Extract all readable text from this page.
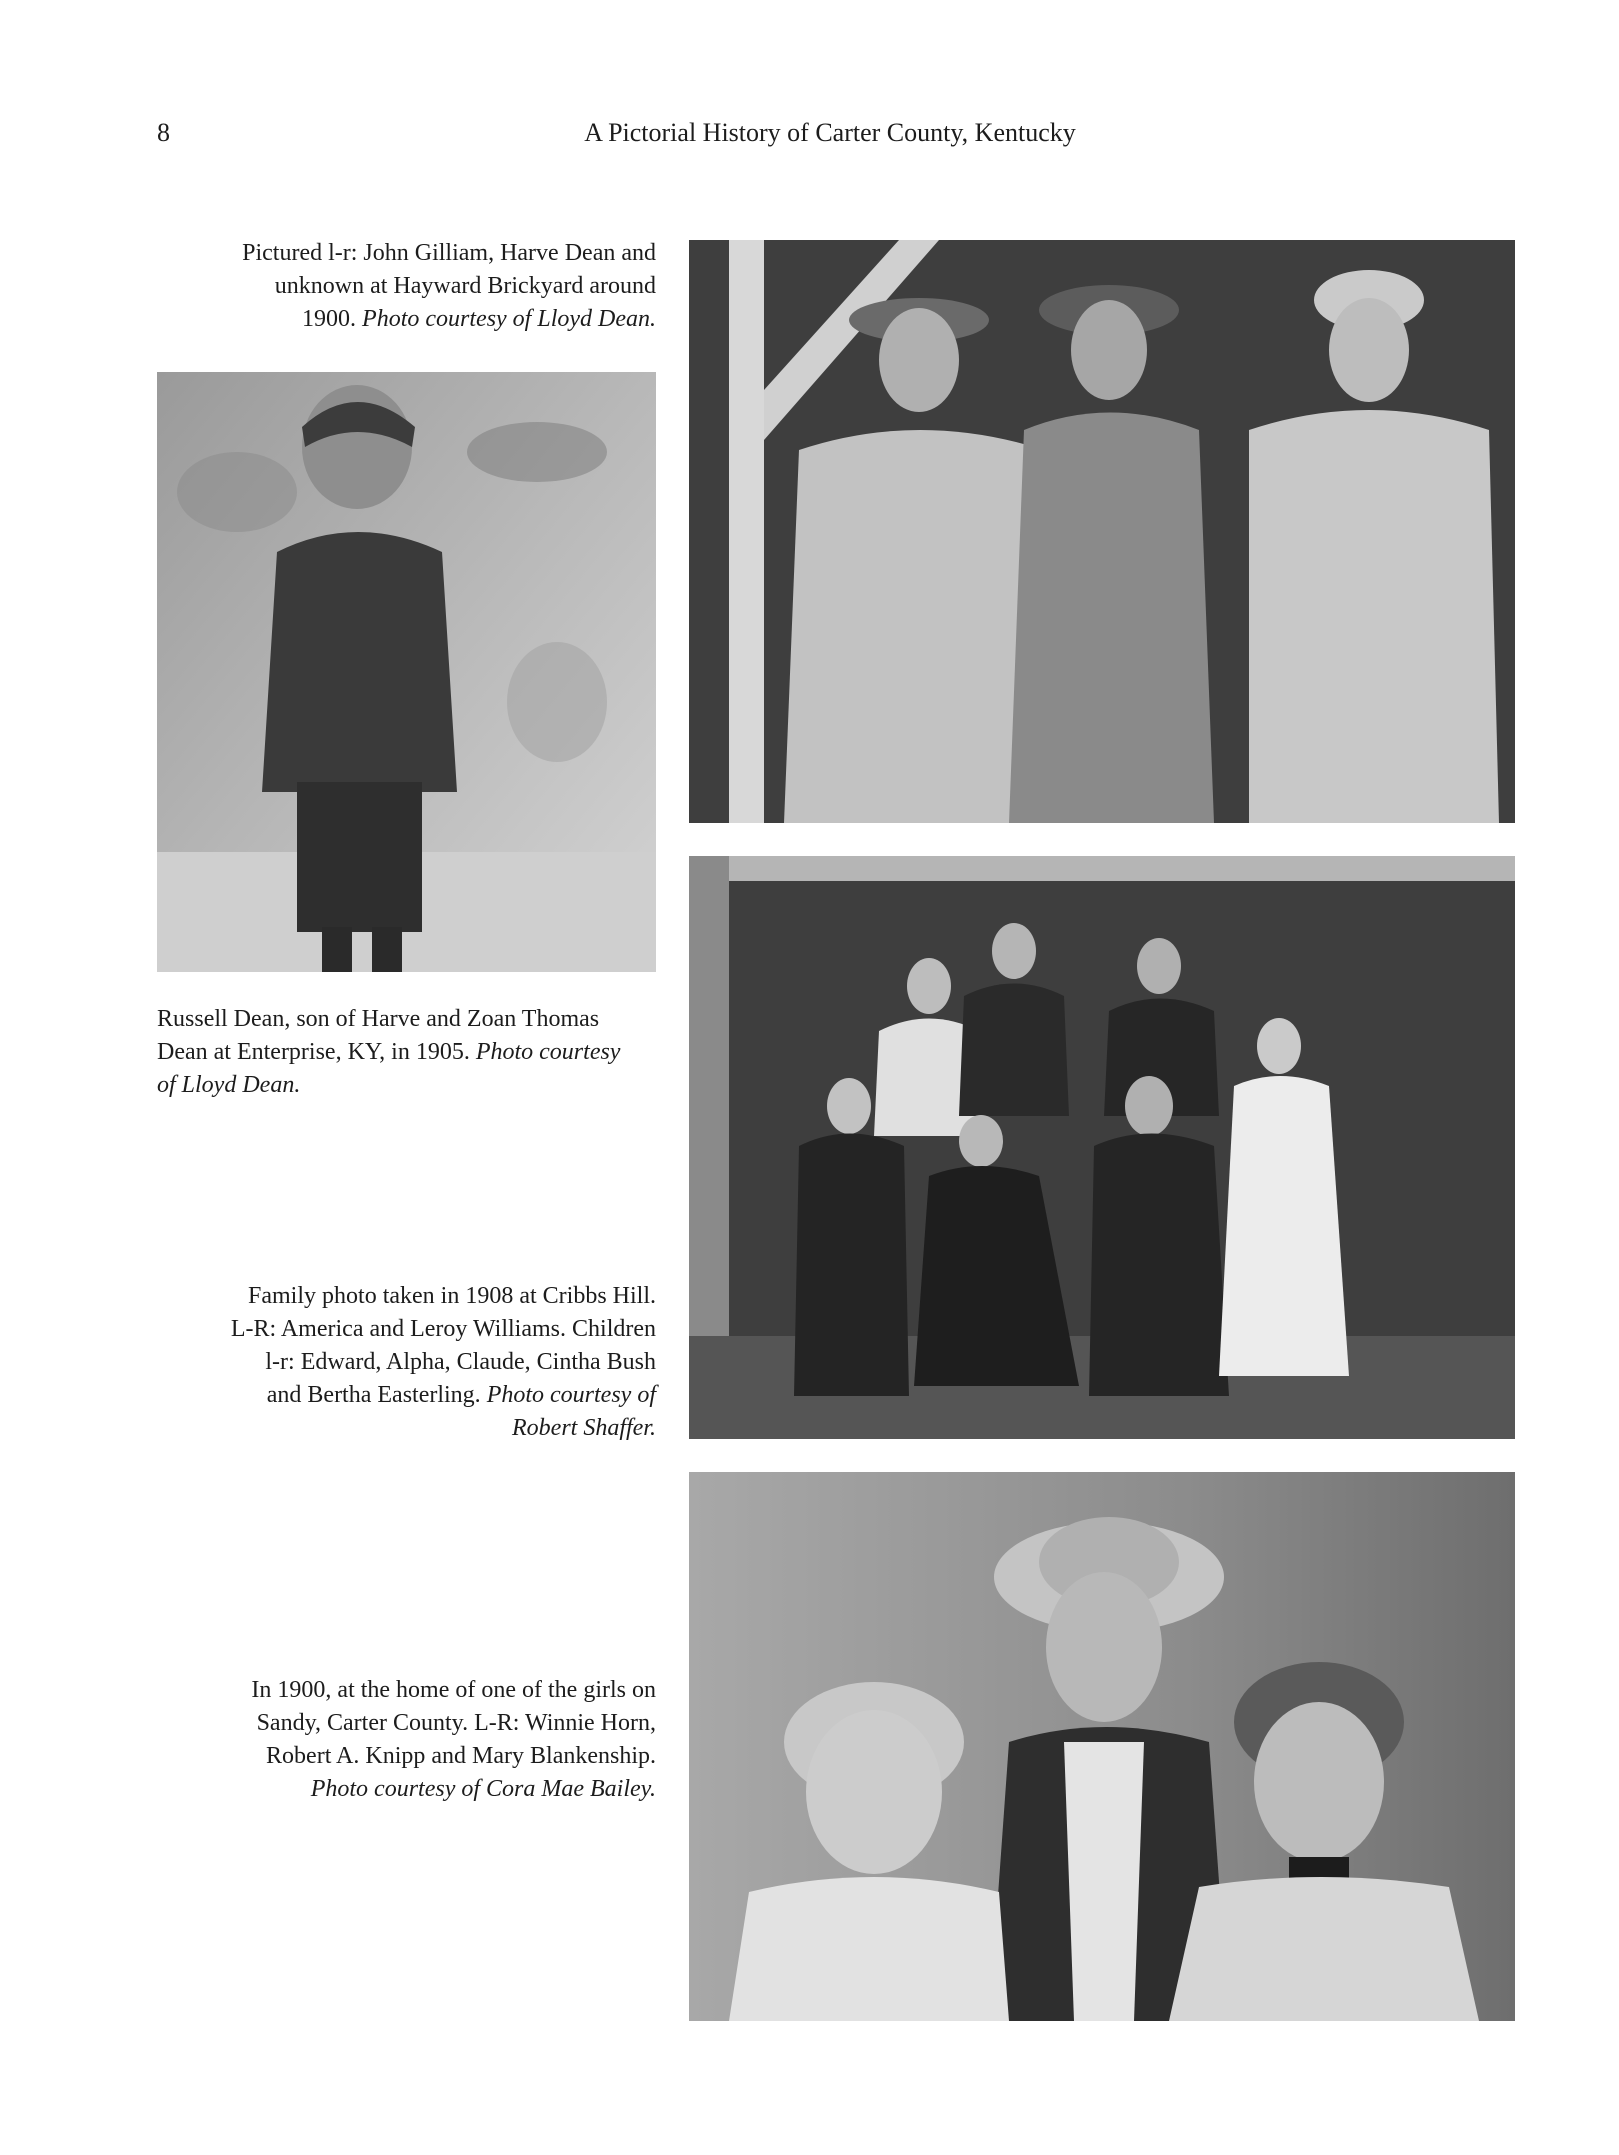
8	A Pictorial History of Carter County, Kentucky
Pictured l-r: John Gilliam, Harve Dean and
unknown at Hayward Brickyard around
1900. Photo courtesy of Lloyd Dean.
Russell Dean, son of Harve and Zoan Thomas
Dean at Enterprise, KY, in 1905. Photo courtesy
of Lloyd Dean.
Family photo taken in 1908 at Cribbs Hill.
L-R: America and Leroy Williams. Children
l-r: Edward, Alpha, Claude, Cintha Bush
and Bertha Easterling. Photo courtesy of
Robert Shaffer.
In 1900, at the home of one of the girls on
Sandy, Carter County. L-R: Winnie Horn,
Robert A. Knipp and Mary Blankenship.
Photo courtesy of Cora Mae Bailey.
